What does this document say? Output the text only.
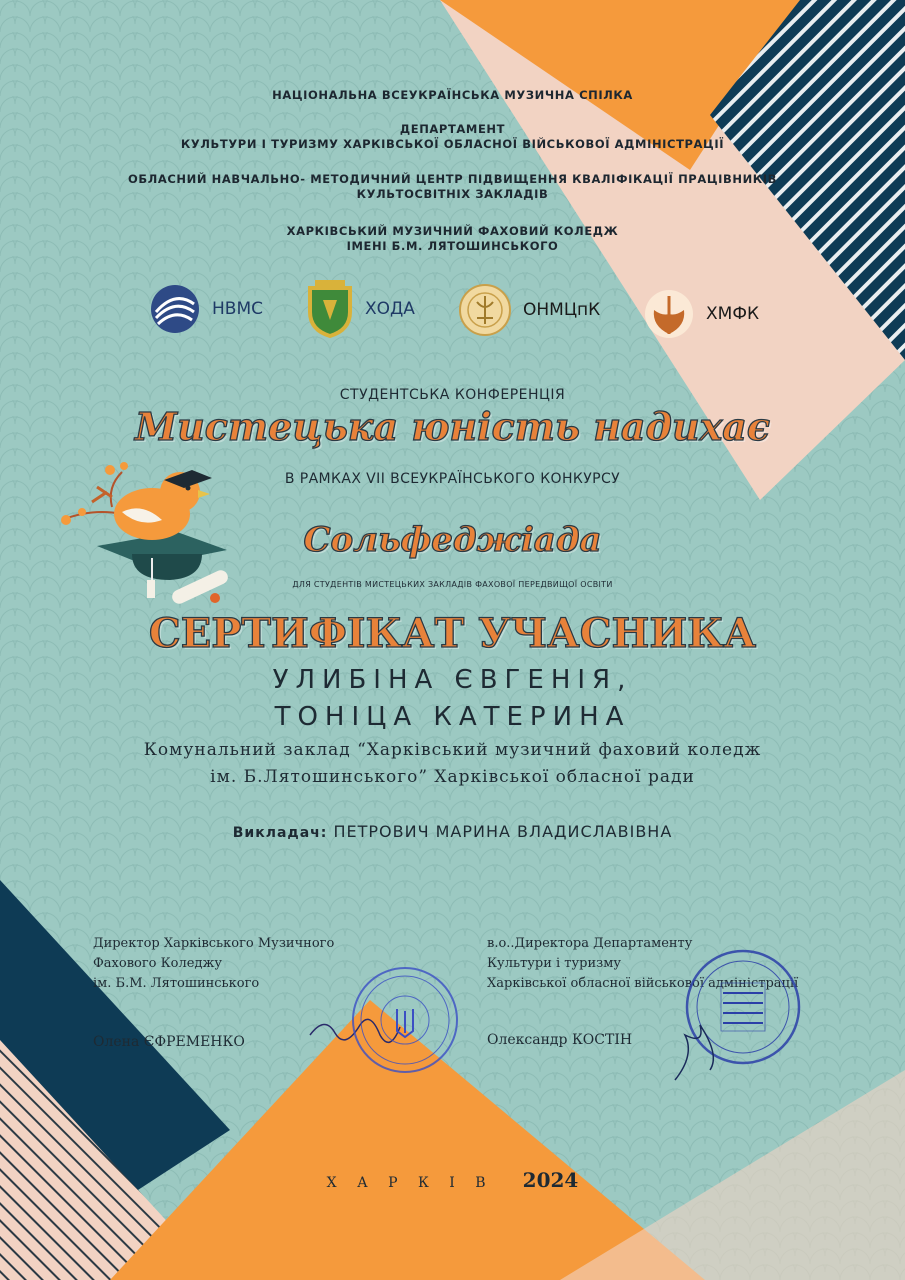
НАЦІОНАЛЬНА ВСЕУКРАЇНСЬКА МУЗИЧНА СПІЛКА
ДЕПАРТАМЕНТ
КУЛЬТУРИ І ТУРИЗМУ ХАРКІВСЬКОЇ ОБЛАСНОЇ ВІЙСЬКОВОЇ АДМІНІСТРАЦІЇ
ОБЛАСНИЙ НАВЧАЛЬНО- МЕТОДИЧНИЙ ЦЕНТР ПІДВИЩЕННЯ КВАЛІФІКАЦІЇ ПРАЦІВНИКІВ
КУЛЬТОСВІТНІХ ЗАКЛАДІВ
ХАРКІВСЬКИЙ МУЗИЧНИЙ ФАХОВИЙ КОЛЕДЖ
ІМЕНІ Б.М. ЛЯТОШИНСЬКОГО
НВМС	ХОДА	ОНМЦпК	ХМФК
СТУДЕНТСЬКА КОНФЕРЕНЦІЯ
Мистецька юність надихає
В РАМКАХ VII ВСЕУКРАЇНСЬКОГО КОНКУРСУ
Сольфеджіада
ДЛЯ СТУДЕНТІВ МИСТЕЦЬКИХ ЗАКЛАДІВ ФАХОВОЇ ПЕРЕДВИЩОЇ ОСВІТИ
СЕРТИФІКАТ УЧАСНИКА
УЛИБІНА ЄВГЕНІЯ,
ТОНІЦА КАТЕРИНА
Комунальний заклад “Харківський музичний фаховий коледж
ім. Б.Лятошинського” Харківської обласної ради
Викладач: ПЕТРОВИЧ МАРИНА ВЛАДИСЛАВІВНА
Директор Харківського Музичного
Фахового Коледжу
ім. Б.М. Лятошинського
Олена ЄФРЕМЕНКО
в.о..Директора Департаменту
Культури і туризму
Харківської обласної військової адміністрації
Олександр КОСТІН
Х А Р К І В 2024
